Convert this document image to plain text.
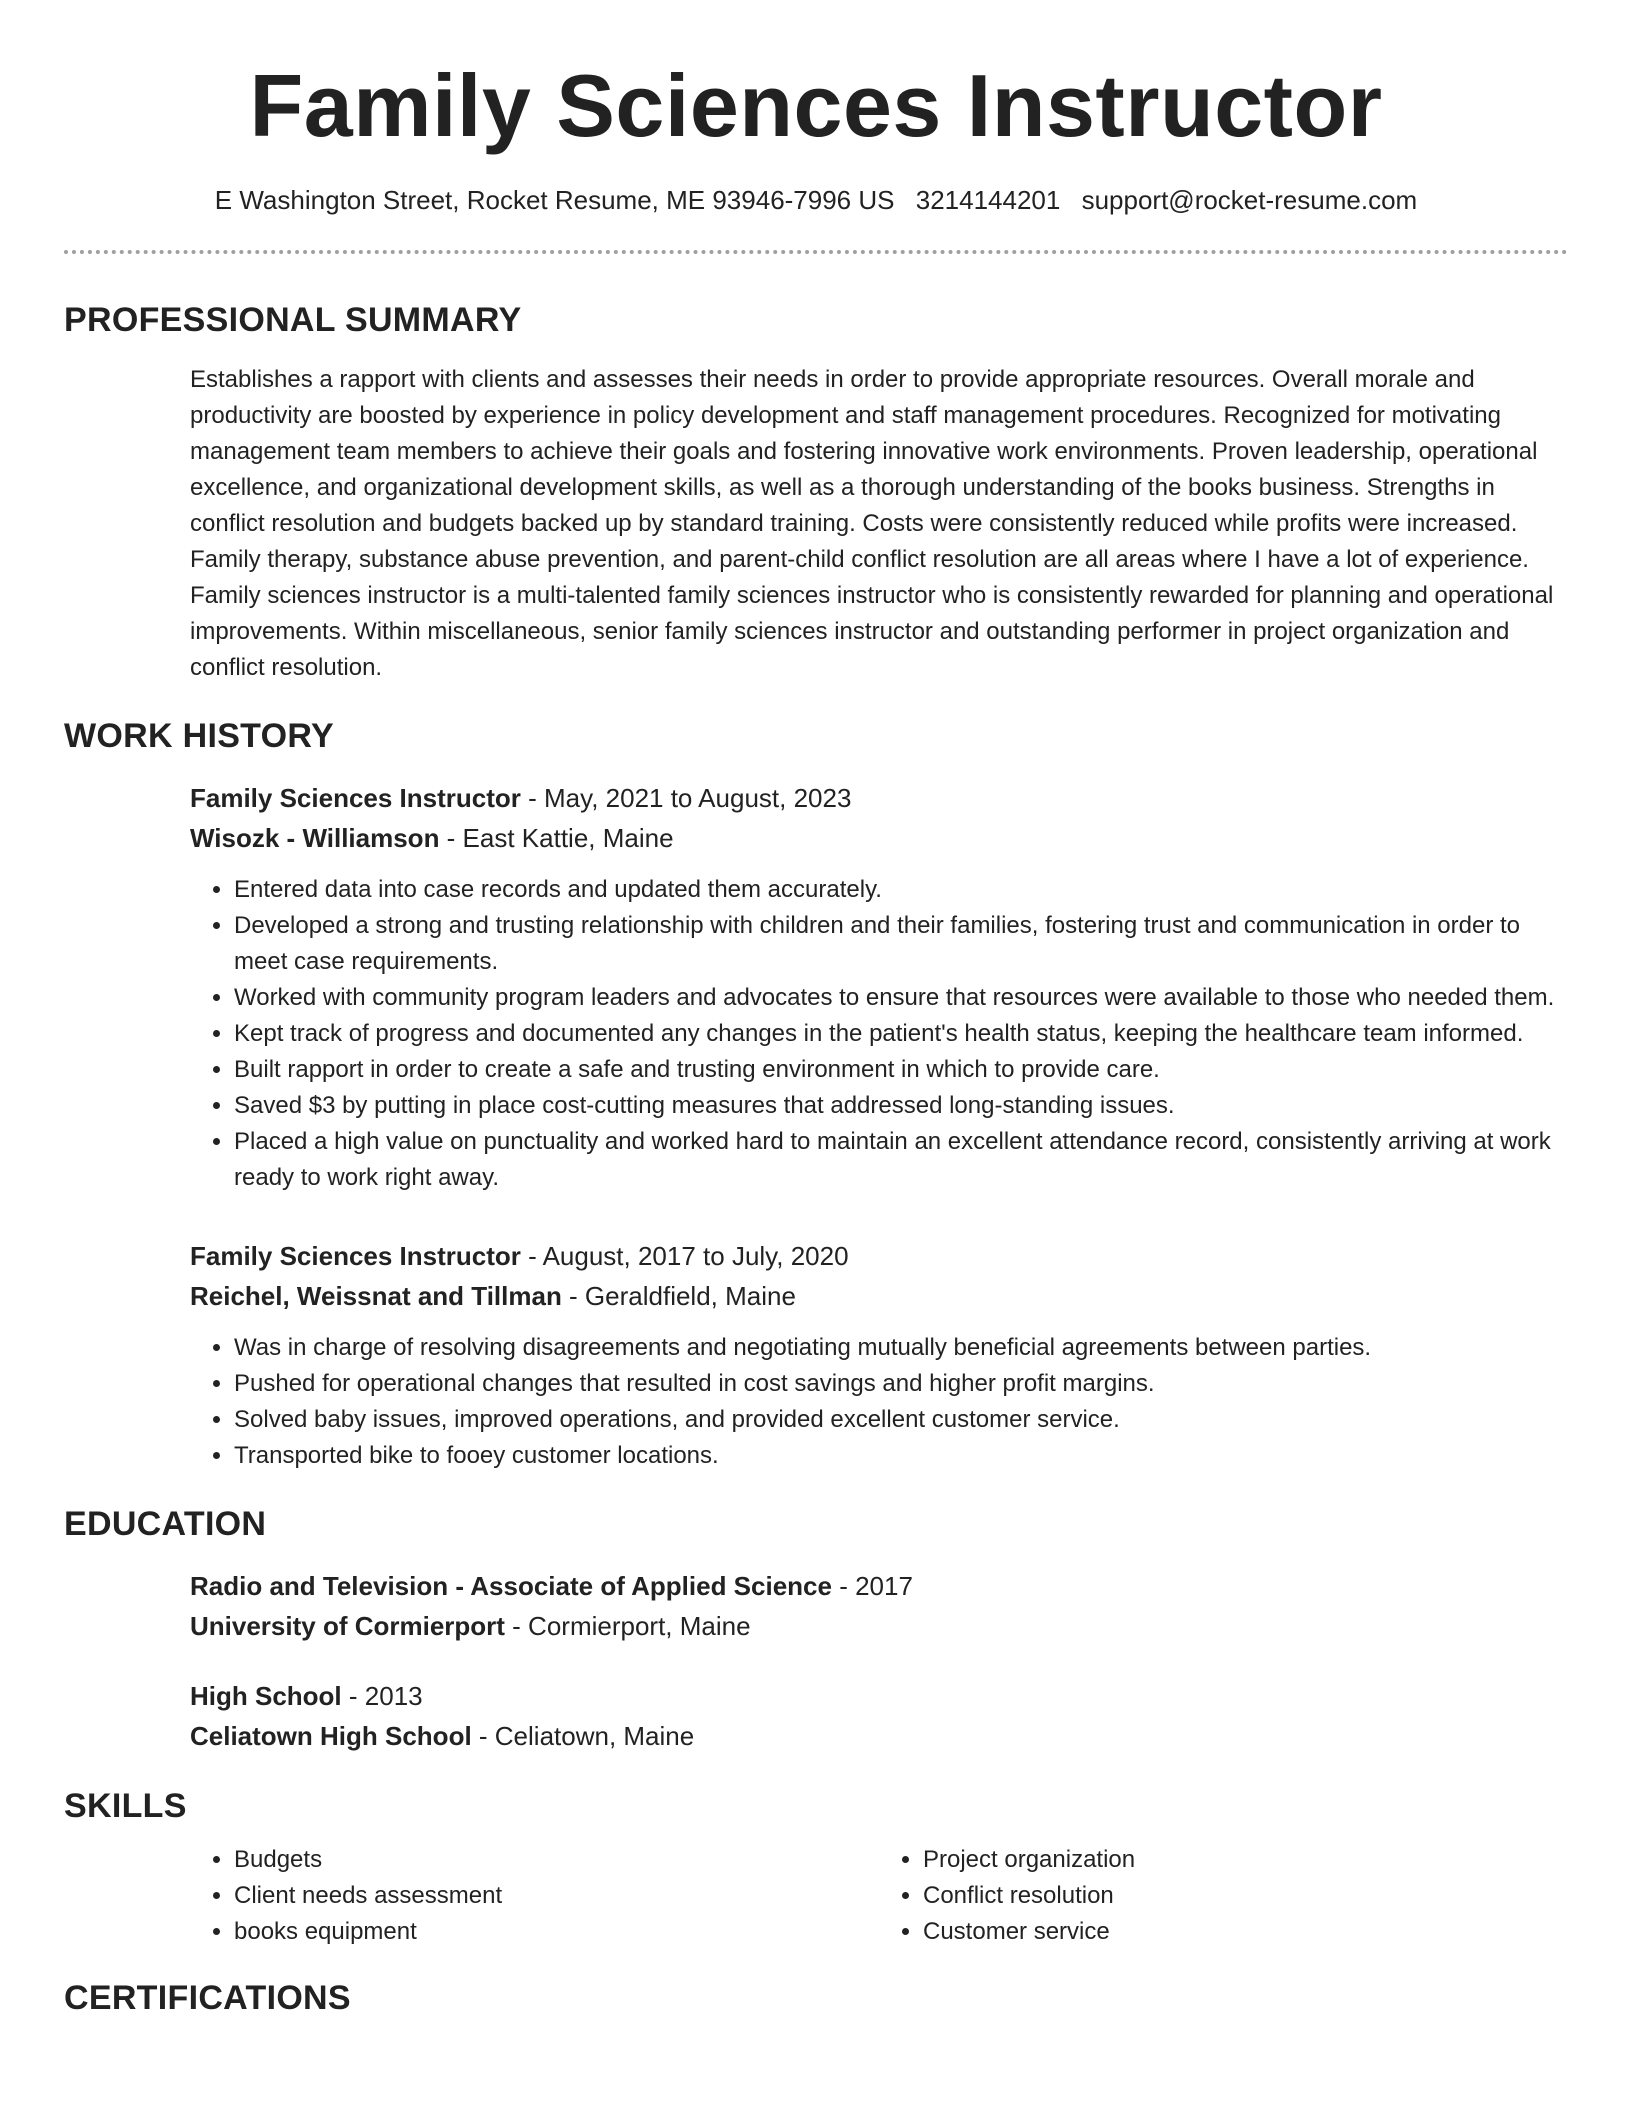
Family Sciences Instructor
E Washington Street, Rocket Resume, ME 93946-7996 US 3214144201 support@rocket-resume.com
PROFESSIONAL SUMMARY
Establishes a rapport with clients and assesses their needs in order to provide appropriate resources. Overall morale and productivity are boosted by experience in policy development and staff management procedures. Recognized for motivating management team members to achieve their goals and fostering innovative work environments. Proven leadership, operational excellence, and organizational development skills, as well as a thorough understanding of the books business. Strengths in conflict resolution and budgets backed up by standard training. Costs were consistently reduced while profits were increased. Family therapy, substance abuse prevention, and parent-child conflict resolution are all areas where I have a lot of experience. Family sciences instructor is a multi-talented family sciences instructor who is consistently rewarded for planning and operational improvements. Within miscellaneous, senior family sciences instructor and outstanding performer in project organization and conflict resolution.
WORK HISTORY
Family Sciences Instructor - May, 2021 to August, 2023
Wisozk - Williamson - East Kattie, Maine
• Entered data into case records and updated them accurately.
• Developed a strong and trusting relationship with children and their families, fostering trust and communication in order to meet case requirements.
• Worked with community program leaders and advocates to ensure that resources were available to those who needed them.
• Kept track of progress and documented any changes in the patient's health status, keeping the healthcare team informed.
• Built rapport in order to create a safe and trusting environment in which to provide care.
• Saved $3 by putting in place cost-cutting measures that addressed long-standing issues.
• Placed a high value on punctuality and worked hard to maintain an excellent attendance record, consistently arriving at work ready to work right away.
Family Sciences Instructor - August, 2017 to July, 2020
Reichel, Weissnat and Tillman - Geraldfield, Maine
• Was in charge of resolving disagreements and negotiating mutually beneficial agreements between parties.
• Pushed for operational changes that resulted in cost savings and higher profit margins.
• Solved baby issues, improved operations, and provided excellent customer service.
• Transported bike to fooey customer locations.
EDUCATION
Radio and Television - Associate of Applied Science - 2017
University of Cormierport - Cormierport, Maine
High School - 2013
Celiatown High School - Celiatown, Maine
SKILLS
• Budgets
• Client needs assessment
• books equipment
• Project organization
• Conflict resolution
• Customer service
CERTIFICATIONS
